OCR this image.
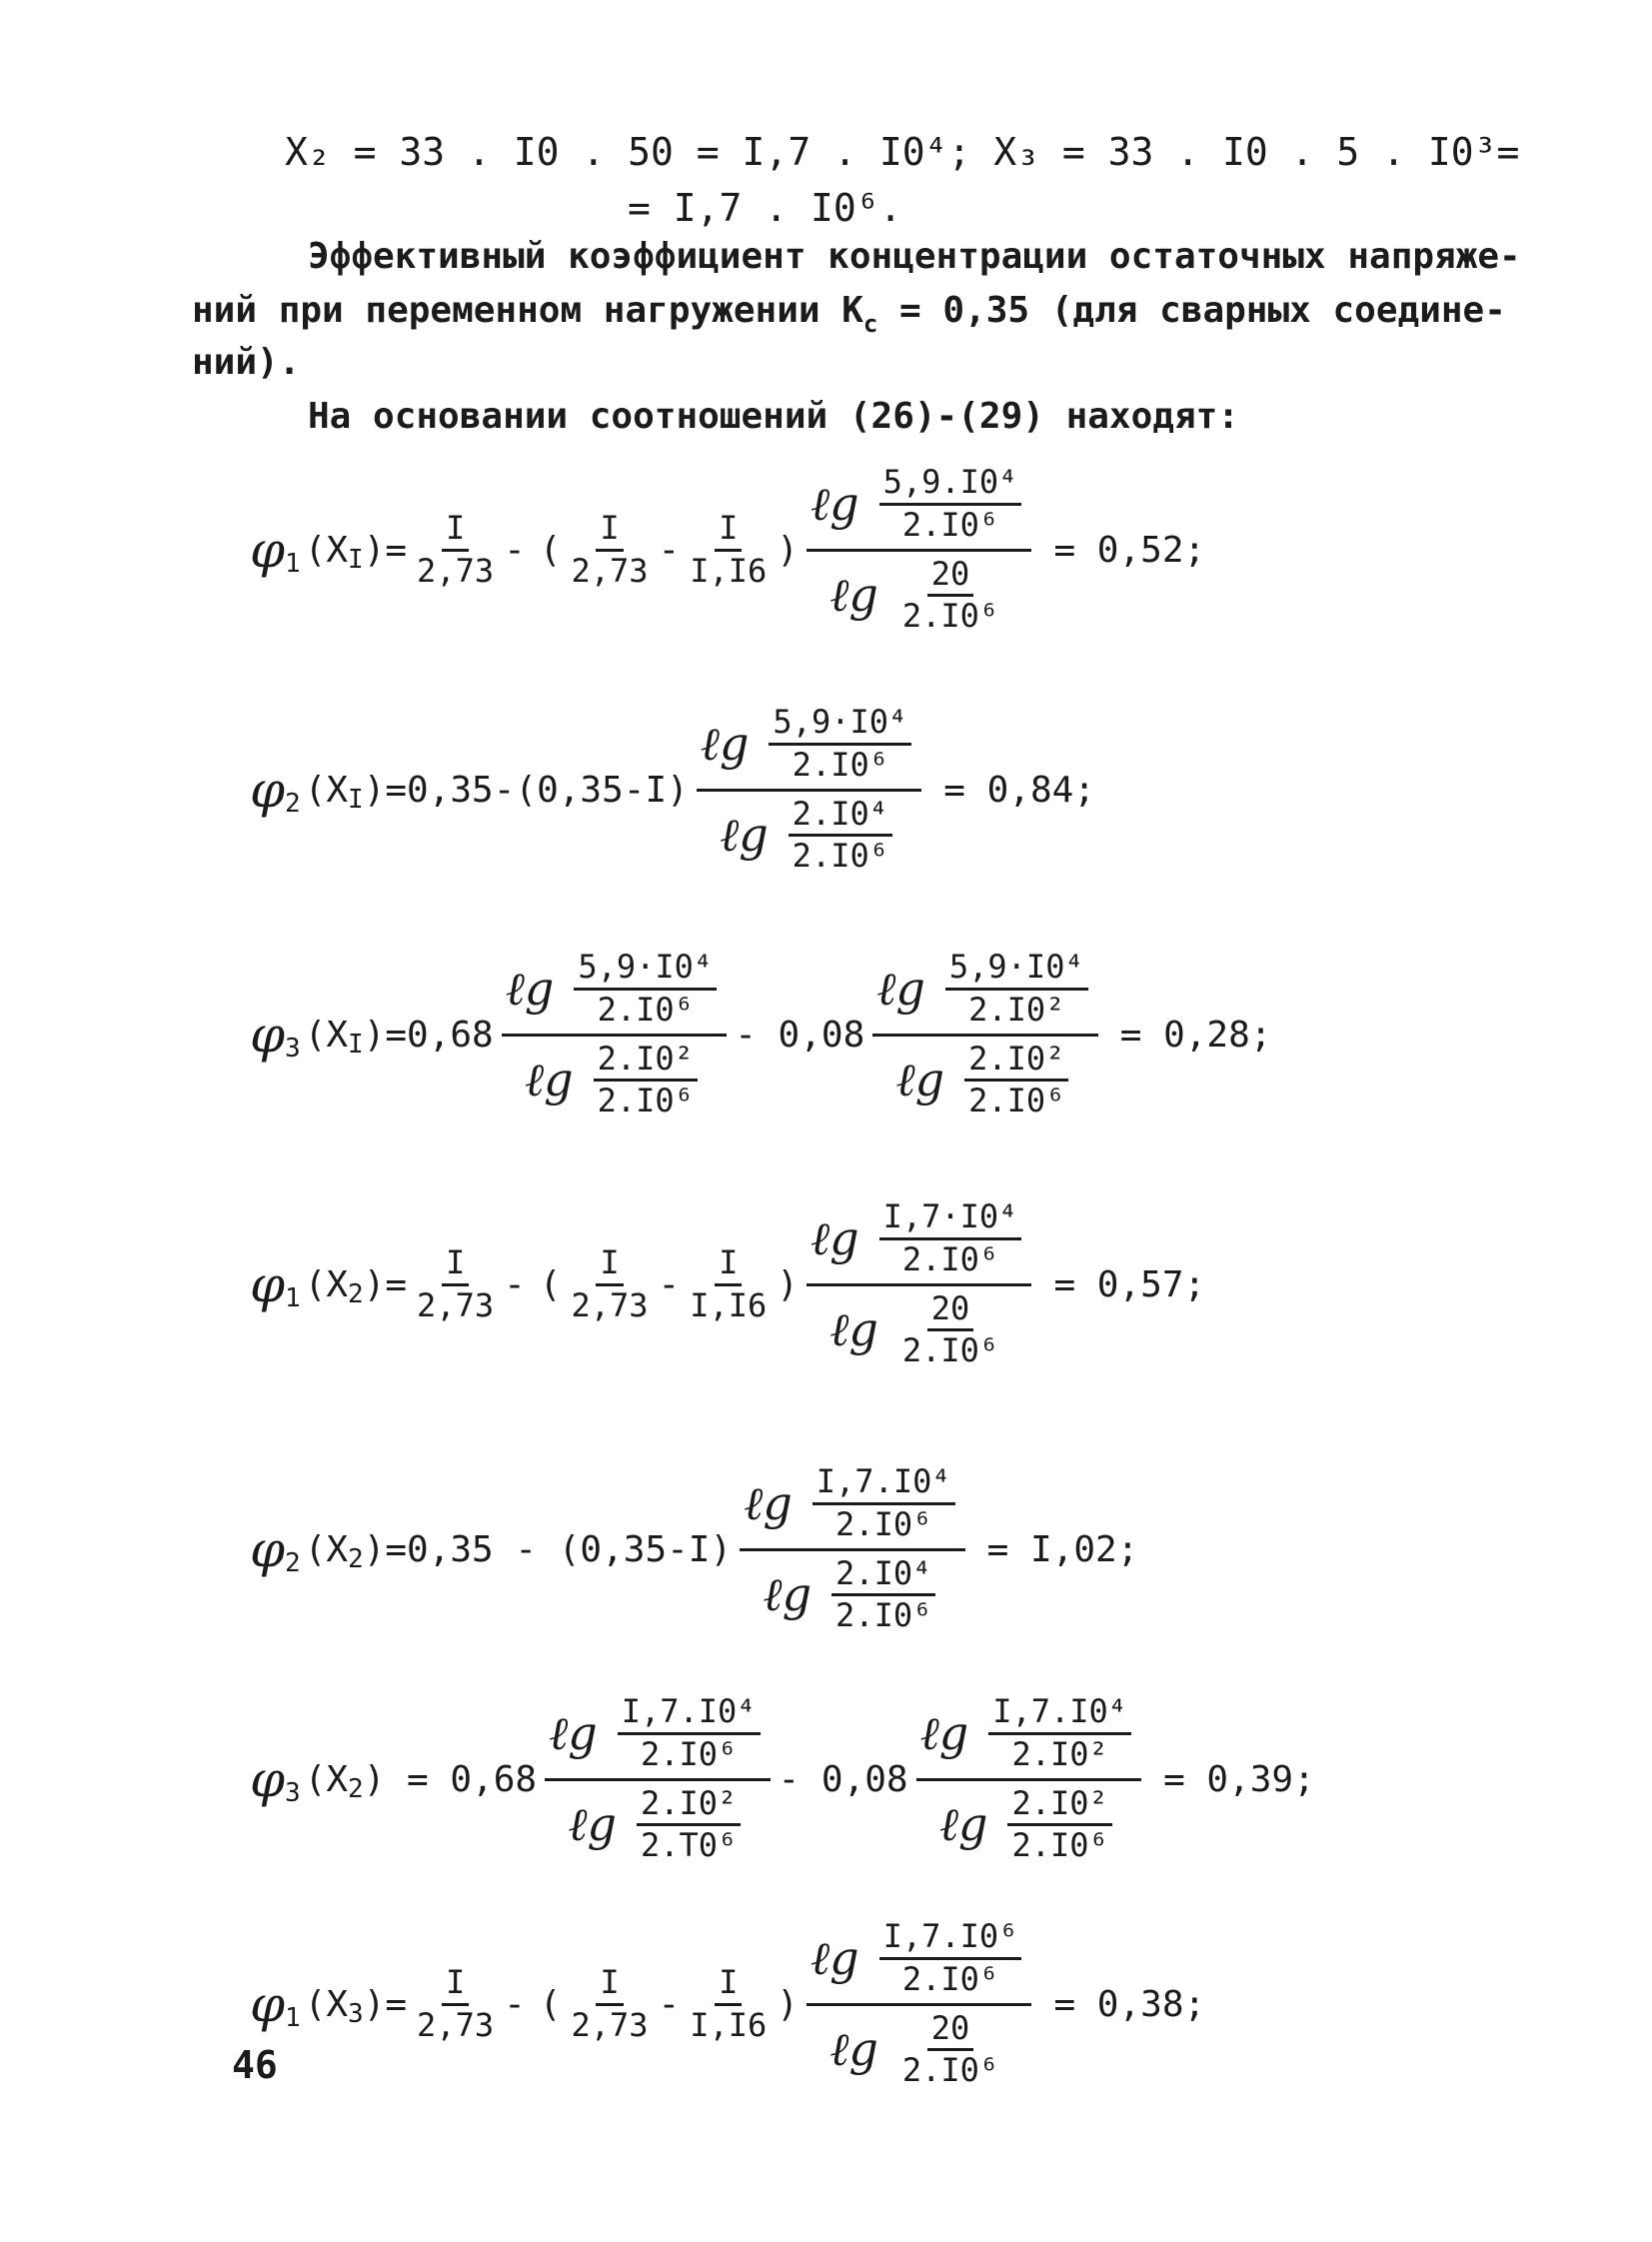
X₂ = 33 . I0 . 50 = I,7 . I0⁴; X₃ = 33 . I0 . 5 . I0³=
= I,7 . I0⁶.
Эффективный коэффициент концентрации остаточных напряже-
ний при переменном нагружении $K_с = 0,35$ (для сварных соедине-
ний).
На основании соотношений (26)-(29) находят:
φ 1 (X I )= $\frac{I}{2,73}$ - ( $\frac{I}{2,73} - \frac{I}{I,I6}$ ) $\frac{\ell g \frac{\text{5,9.I0⁴}}{\text{2.I0⁶}}}{\ell g \frac{20}{\text{2.I0⁶}}} = 0,52$;
φ 2 (X I )$=0,35-(0,35-I) \frac{\ell g \frac{\text{5,9·I0⁴}}{\text{2.I0⁶}}}{\ell g \frac{\text{2.I0⁴}}{\text{2.I0⁶}}} = 0,84$;
φ 3 (X I )$=0,68 \frac{\ell g \frac{\text{5,9·I0⁴}}{\text{2.I0⁶}}}{\ell g \frac{\text{2.I0²}}{\text{2.I0⁶}}} - 0,08 \frac{\ell g \frac{\text{5,9·I0⁴}}{\text{2.I0²}}}{\ell g \frac{\text{2.I0²}}{\text{2.I0⁶}}} = 0,28$;
φ 1 (X 2 )= $\frac{I}{2,73}$ - ( $\frac{I}{2,73} - \frac{I}{I,I6}$ ) $\frac{\ell g \frac{\text{I,7·I0⁴}}{\text{2.I0⁶}}}{\ell g \frac{20}{\text{2.I0⁶}}} = 0,57$;
φ 2 (X 2 )$=0,35 - (0,35-I) \frac{\ell g \frac{\text{I,7.I0⁴}}{\text{2.I0⁶}}}{\ell g \frac{\text{2.I0⁴}}{\text{2.I0⁶}}} = I,02$;
φ 3 (X 2 ) = $0,68 \frac{\ell g \frac{\text{I,7.I0⁴}}{\text{2.I0⁶}}}{\ell g \frac{\text{2.I0²}}{\text{2.T0⁶}}} - 0,08 \frac{\ell g \frac{\text{I,7.I0⁴}}{\text{2.I0²}}}{\ell g \frac{\text{2.I0²}}{\text{2.I0⁶}}} = 0,39$;
φ 1 (X 3 )= $\frac{I}{2,73}$ - ( $\frac{I}{2,73} - \frac{I}{I,I6}$ ) $\frac{\ell g \frac{\text{I,7.I0⁶}}{\text{2.I0⁶}}}{\ell g \frac{20}{\text{2.I0⁶}}} = 0,38$;
46
